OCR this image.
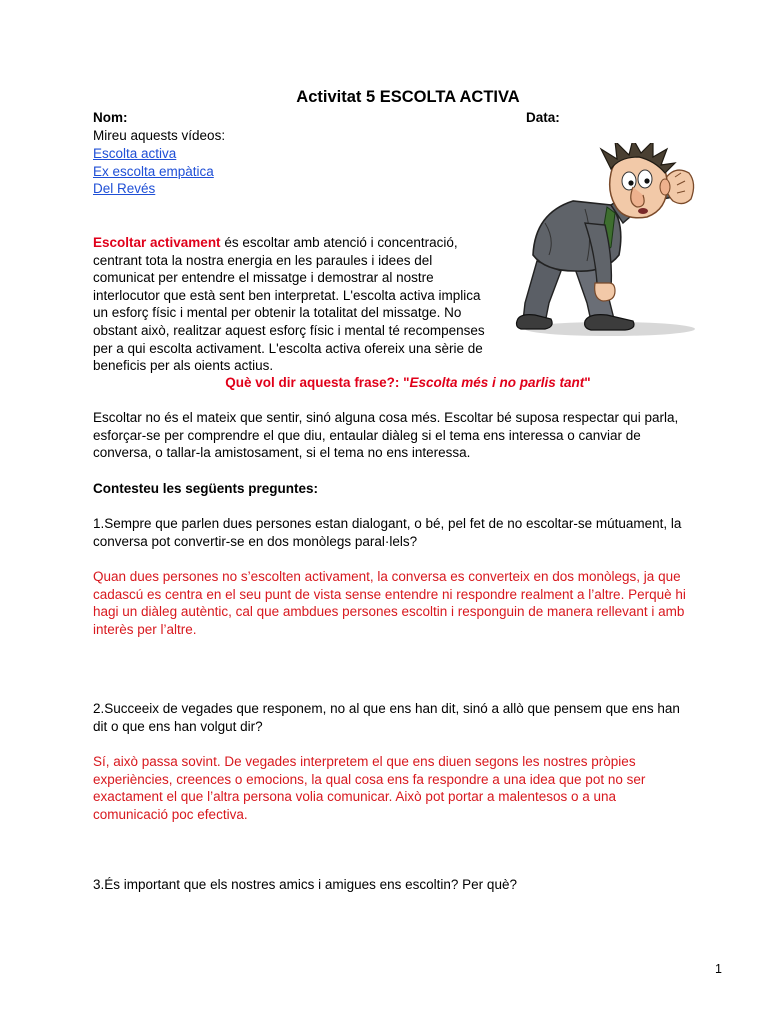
Activitat 5 ESCOLTA ACTIVA
Nom:	Data:
Mireu aquests vídeos:
Escolta activa
Ex escolta empàtica
Del Revés
Escoltar activament és escoltar amb atenció i concentració,
centrant tota la nostra energia en les paraules i idees del
comunicat per entendre el missatge i demostrar al nostre
interlocutor que està sent ben interpretat. L'escolta activa implica
un esforç físic i mental per obtenir la totalitat del missatge. No
obstant això, realitzar aquest esforç físic i mental té recompenses
per a qui escolta activament. L'escolta activa ofereix una sèrie de
beneficis per als oients actius.
Què vol dir aquesta frase?: "Escolta més i no parlis tant"
Escoltar no és el mateix que sentir, sinó alguna cosa més. Escoltar bé suposa respectar qui parla,
esforçar-se per comprendre el que diu, entaular diàleg si el tema ens interessa o canviar de
conversa, o tallar-la amistosament, si el tema no ens interessa.
Contesteu les següents preguntes:
1.Sempre que parlen dues persones estan dialogant, o bé, pel fet de no escoltar-se mútuament, la
conversa pot convertir-se en dos monòlegs paral·lels?
Quan dues persones no s’escolten activament, la conversa es converteix en dos monòlegs, ja que
cadascú es centra en el seu punt de vista sense entendre ni respondre realment a l’altre. Perquè hi
hagi un diàleg autèntic, cal que ambdues persones escoltin i responguin de manera rellevant i amb
interès per l’altre.
2.Succeeix de vegades que responem, no al que ens han dit, sinó a allò que pensem que ens han
dit o que ens han volgut dir?
Sí, això passa sovint. De vegades interpretem el que ens diuen segons les nostres pròpies
experiències, creences o emocions, la qual cosa ens fa respondre a una idea que pot no ser
exactament el que l’altra persona volia comunicar. Això pot portar a malentesos o a una
comunicació poc efectiva.
3.És important que els nostres amics i amigues ens escoltin? Per què?
1
